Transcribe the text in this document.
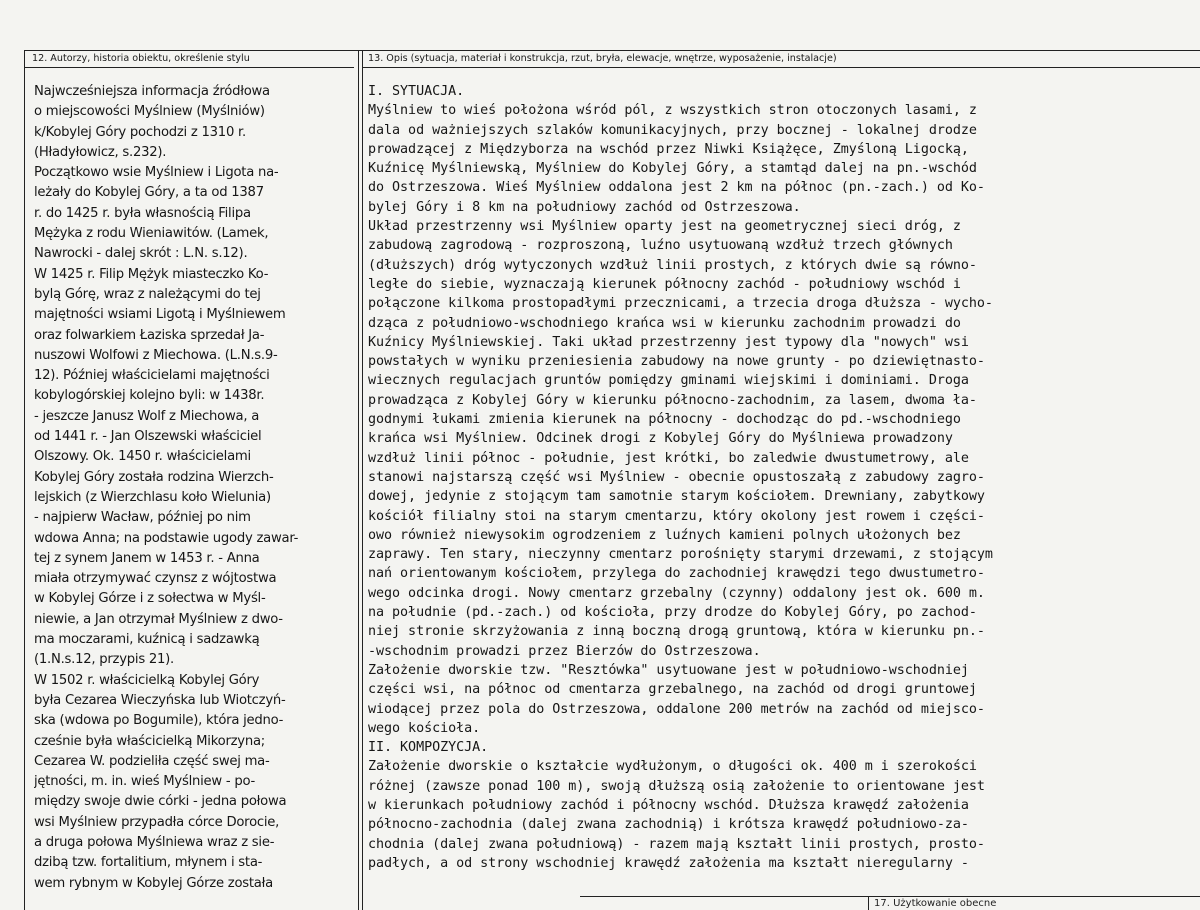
12. Autorzy, historia obiektu, określenie stylu	13. Opis (sytuacja, materiał i konstrukcja, rzut, bryła, elewacje, wnętrze, wyposażenie, instalacje)
Najwcześniejsza informacja źródłowa
o miejscowości Myślniew (Myślniów)
k/Kobylej Góry pochodzi z 1310 r.
(Hładyłowicz, s.232).
Początkowo wsie Myślniew i Ligota na-
leżały do Kobylej Góry, a ta od 1387
r. do 1425 r. była własnością Filipa
Mężyka z rodu Wieniawitów. (Lamek,
Nawrocki - dalej skrót : L.N. s.12).
W 1425 r. Filip Mężyk miasteczko Ko-
bylą Górę, wraz z należącymi do tej
majętności wsiami Ligotą i Myślniewem
oraz folwarkiem Łaziska sprzedał Ja-
nuszowi Wolfowi z Miechowa. (L.N.s.9-
12). Później właścicielami majętności
kobylogórskiej kolejno byli: w 1438r.
- jeszcze Janusz Wolf z Miechowa, a
od 1441 r. - Jan Olszewski właściciel
Olszowy. Ok. 1450 r. właścicielami
Kobylej Góry została rodzina Wierzch-
lejskich (z Wierzchlasu koło Wielunia)
- najpierw Wacław, później po nim
wdowa Anna; na podstawie ugody zawar-
tej z synem Janem w 1453 r. - Anna
miała otrzymywać czynsz z wójtostwa
w Kobylej Górze i z sołectwa w Myśl-
niewie, a Jan otrzymał Myślniew z dwo-
ma moczarami, kuźnicą i sadzawką
(1.N.s.12, przypis 21).
W 1502 r. właścicielką Kobylej Góry
była Cezarea Wieczyńska lub Wiotczyń-
ska (wdowa po Bogumile), która jedno-
cześnie była właścicielką Mikorzyna;
Cezarea W. podzieliła część swej ma-
jętności, m. in. wieś Myślniew - po-
między swoje dwie córki - jedna połowa
wsi Myślniew przypadła córce Dorocie,
a druga połowa Myślniewa wraz z sie-
dzibą tzw. fortalitium, młynem i sta-
wem rybnym w Kobylej Górze została
I. SYTUACJA.
Myślniew to wieś położona wśród pól, z wszystkich stron otoczonych lasami, z
dala od ważniejszych szlaków komunikacyjnych, przy bocznej - lokalnej drodze
prowadzącej z Międzyborza na wschód przez Niwki Książęce, Zmyśloną Ligocką,
Kuźnicę Myślniewską, Myślniew do Kobylej Góry, a stamtąd dalej na pn.-wschód
do Ostrzeszowa. Wieś Myślniew oddalona jest 2 km na północ (pn.-zach.) od Ko-
bylej Góry i 8 km na południowy zachód od Ostrzeszowa.
Układ przestrzenny wsi Myślniew oparty jest na geometrycznej sieci dróg, z
zabudową zagrodową - rozproszoną, luźno usytuowaną wzdłuż trzech głównych
(dłuższych) dróg wytyczonych wzdłuż linii prostych, z których dwie są równo-
ległe do siebie, wyznaczają kierunek północny zachód - południowy wschód i
połączone kilkoma prostopadłymi przecznicami, a trzecia droga dłuższa - wycho-
dząca z południowo-wschodniego krańca wsi w kierunku zachodnim prowadzi do
Kuźnicy Myślniewskiej. Taki układ przestrzenny jest typowy dla "nowych" wsi
powstałych w wyniku przeniesienia zabudowy na nowe grunty - po dziewiętnasto-
wiecznych regulacjach gruntów pomiędzy gminami wiejskimi i dominiami. Droga
prowadząca z Kobylej Góry w kierunku północno-zachodnim, za lasem, dwoma ła-
godnymi łukami zmienia kierunek na północny - dochodząc do pd.-wschodniego
krańca wsi Myślniew. Odcinek drogi z Kobylej Góry do Myślniewa prowadzony
wzdłuż linii północ - południe, jest krótki, bo zaledwie dwustumetrowy, ale
stanowi najstarszą część wsi Myślniew - obecnie opustoszałą z zabudowy zagro-
dowej, jedynie z stojącym tam samotnie starym kościołem. Drewniany, zabytkowy
kościół filialny stoi na starym cmentarzu, który okolony jest rowem i części-
owo również niewysokim ogrodzeniem z luźnych kamieni polnych ułożonych bez
zaprawy. Ten stary, nieczynny cmentarz porośnięty starymi drzewami, z stojącym
nań orientowanym kościołem, przylega do zachodniej krawędzi tego dwustumetro-
wego odcinka drogi. Nowy cmentarz grzebalny (czynny) oddalony jest ok. 600 m.
na południe (pd.-zach.) od kościoła, przy drodze do Kobylej Góry, po zachod-
niej stronie skrzyżowania z inną boczną drogą gruntową, która w kierunku pn.-
-wschodnim prowadzi przez Bierzów do Ostrzeszowa.
Założenie dworskie tzw. "Resztówka" usytuowane jest w południowo-wschodniej
części wsi, na północ od cmentarza grzebalnego, na zachód od drogi gruntowej
wiodącej przez pola do Ostrzeszowa, oddalone 200 metrów na zachód od miejsco-
wego kościoła.
II. KOMPOZYCJA.
Założenie dworskie o kształcie wydłużonym, o długości ok. 400 m i szerokości
różnej (zawsze ponad 100 m), swoją dłuższą osią założenie to orientowane jest
w kierunkach południowy zachód i północny wschód. Dłuższa krawędź założenia
północno-zachodnia (dalej zwana zachodnią) i krótsza krawędź południowo-za-
chodnia (dalej zwana południową) - razem mają kształt linii prostych, prosto-
padłych, a od strony wschodniej krawędź założenia ma kształt nieregularny -
17. Użytkowanie obecne
